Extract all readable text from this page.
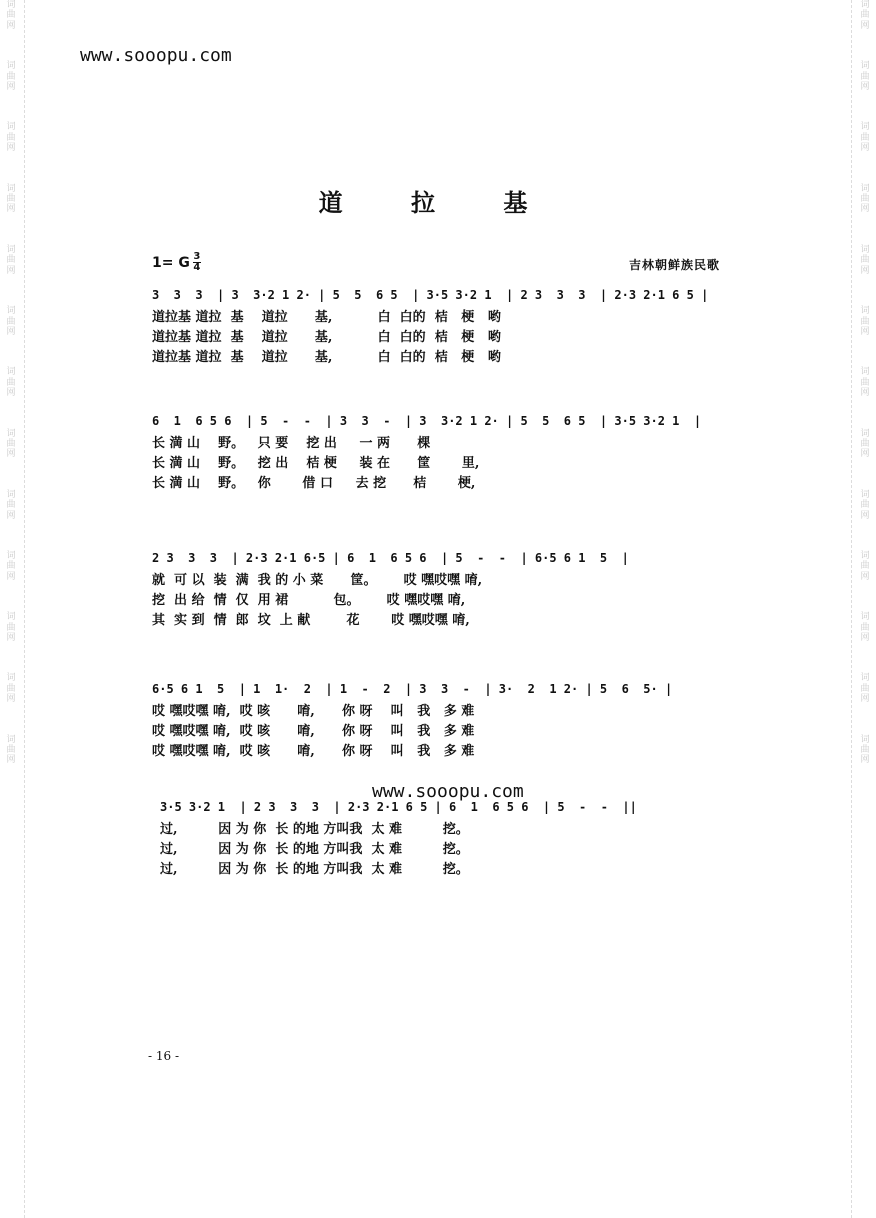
词
曲
网
词
曲
网
词
曲
网
词
曲
网
词
曲
网
词
曲
网
词
曲
网
词
曲
网
词
曲
网
词
曲
网
词
曲
网
词
曲
网
词
曲
网
词
曲
网
词
曲
网
词
曲
网
词
曲
网
词
曲
网
词
曲
网
词
曲
网
词
曲
网
词
曲
网
词
曲
网
词
曲
网
词
曲
网
词
曲
网
www.sooopu.com
道 拉 基
1= G 3
4	吉林朝鲜族民歌
3  3  3  | 3  3·2 1 2· | 5  5  6 5  | 3·5 3·2 1  | 2 3  3  3  | 2·3 2·1 6 5 |
道拉基 道拉  基    道拉      基,          白  白的  桔   梗   哟
道拉基 道拉  基    道拉      基,          白  白的  桔   梗   哟
道拉基 道拉  基    道拉      基,          白  白的  桔   梗   哟
6  1  6 5 6  | 5  -  -  | 3  3  -  | 3  3·2 1 2· | 5  5  6 5  | 3·5 3·2 1  |
长 満 山    野。   只 要    挖 出     一 两      棵
长 満 山    野。   挖 出    桔 梗     装 在      筐       里,
长 満 山    野。   你       借 口     去 挖      桔       梗,
2 3  3  3  | 2·3 2·1 6·5 | 6  1  6 5 6  | 5  -  -  | 6·5 6 1  5  |
就  可 以  装  满  我 的 小 菜      筐。      哎 嘿哎嘿 唷,
挖  出 给  情  仅  用 裙          包。      哎 嘿哎嘿 唷,
其  实 到  情  郎  坟  上 献        花       哎 嘿哎嘿 唷,
6·5 6 1  5  | 1  1·  2  | 1  -  2  | 3  3  -  | 3·  2  1 2· | 5  6  5· |
哎 嘿哎嘿 唷,  哎 咳      唷,      你 呀    叫   我   多 难
哎 嘿哎嘿 唷,  哎 咳      唷,      你 呀    叫   我   多 难
哎 嘿哎嘿 唷,  哎 咳      唷,      你 呀    叫   我   多 难
www.sooopu.com
3·5 3·2 1  | 2 3  3  3  | 2·3 2·1 6 5 | 6  1  6 5 6  | 5  -  -  ||
过,         因 为 你  长 的地 方叫我  太 难         挖。
过,         因 为 你  长 的地 方叫我  太 难         挖。
过,         因 为 你  长 的地 方叫我  太 难         挖。
- 16 -
